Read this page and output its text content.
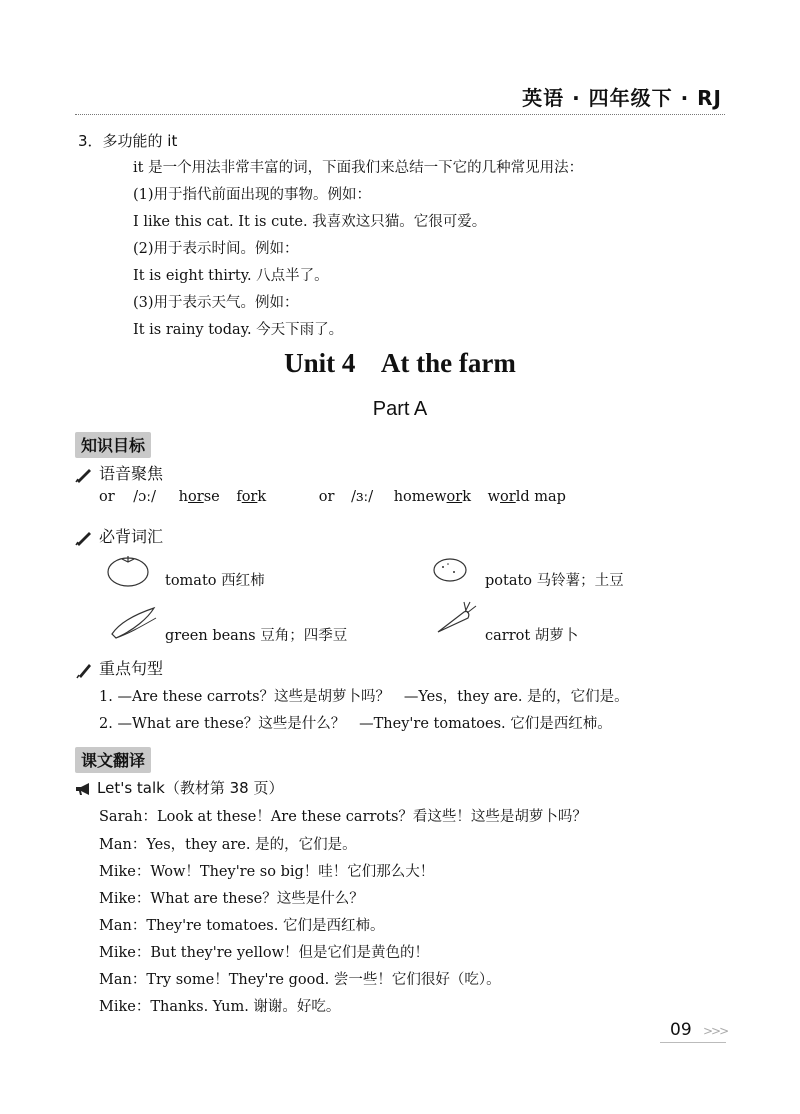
英语 · 四年级下 · RJ
3．多功能的 it
it 是一个用法非常丰富的词，下面我们来总结一下它的几种常见用法：
(1)用于指代前面出现的事物。例如：
I like this cat. It is cute. 我喜欢这只猫。它很可爱。
(2)用于表示时间。例如：
It is eight thirty. 八点半了。
(3)用于表示天气。例如：
It is rainy today. 今天下雨了。
Unit 4    At the farm
Part A
知识目标
语音聚焦
or /ɔː/ horse fork	or /ɜː/ homework world map
必背词汇
tomato 西红柿	potato 马铃薯；土豆
green beans 豆角；四季豆	carrot 胡萝卜
重点句型
1. —Are these carrots？这些是胡萝卜吗？   —Yes，they are. 是的，它们是。
2. —What are these？这些是什么？   —They're tomatoes. 它们是西红柿。
课文翻译
Let's talk（教材第 38 页）
Sarah：Look at these！Are these carrots？看这些！这些是胡萝卜吗？
Man：Yes，they are. 是的，它们是。
Mike：Wow！They're so big！哇！它们那么大！
Mike：What are these？这些是什么？
Man：They're tomatoes. 它们是西红柿。
Mike：But they're yellow！但是它们是黄色的！
Man：Try some！They're good. 尝一些！它们很好（吃）。
Mike：Thanks. Yum. 谢谢。好吃。
09 >>>
